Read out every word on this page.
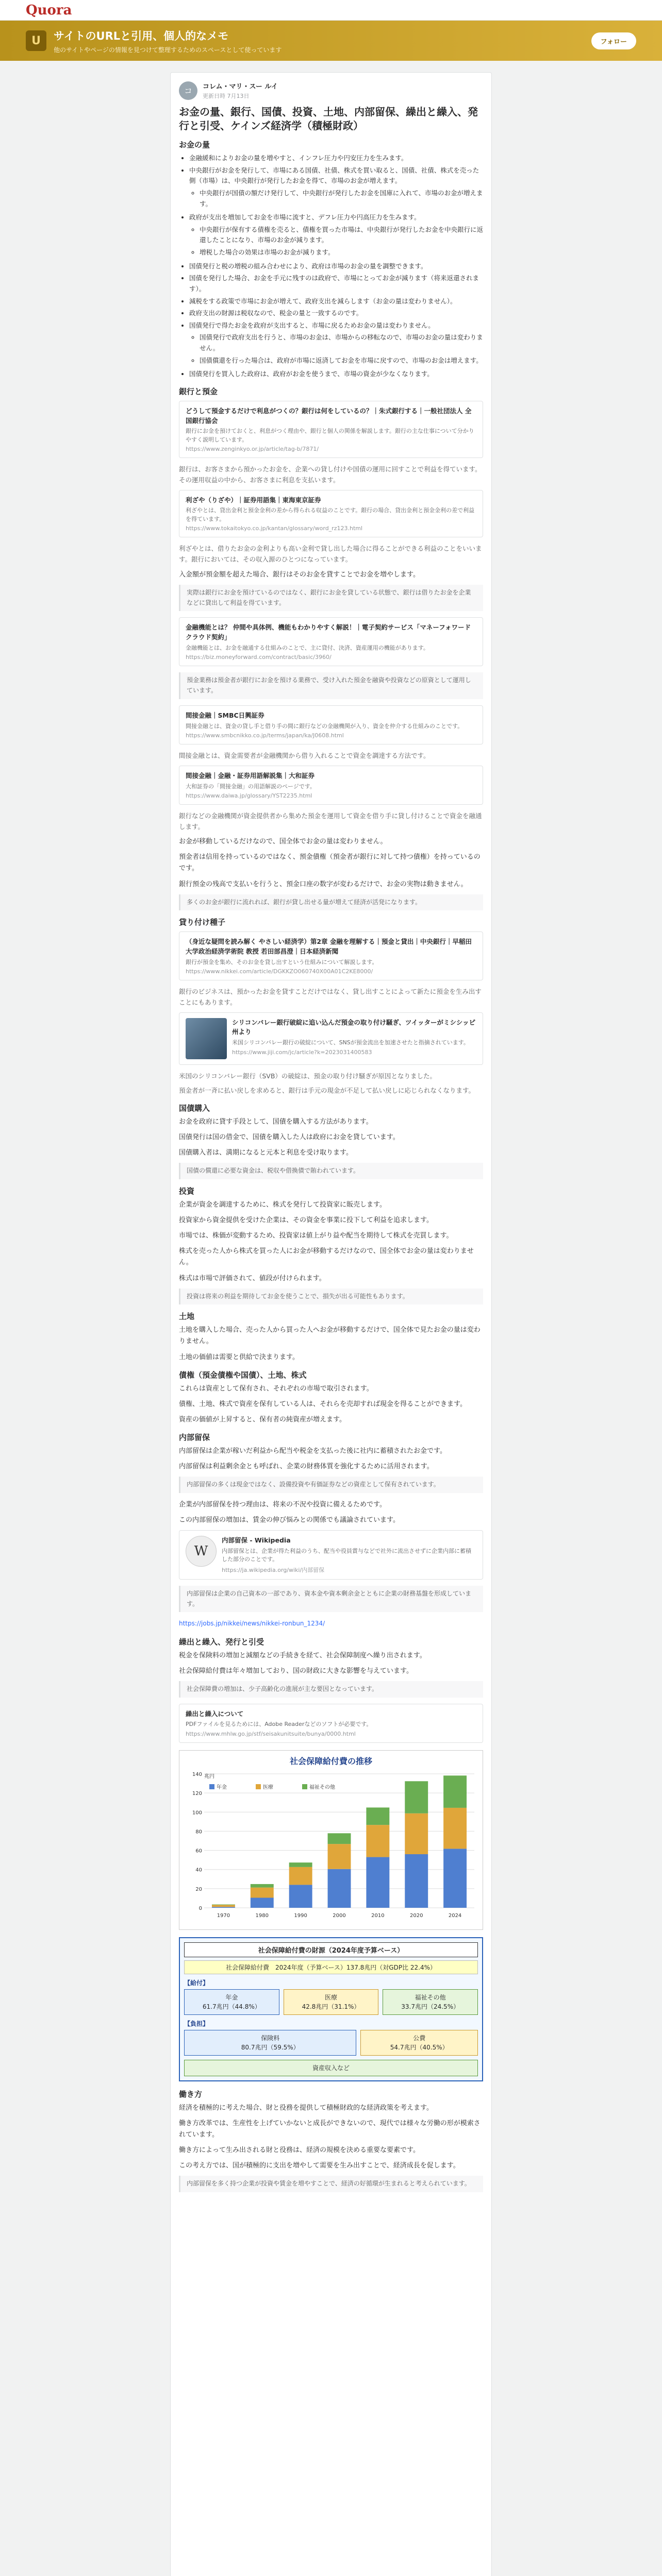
Quora
U	サイトのURLと引用、個人的なメモ
他のサイトやページの情報を見つけて整理するためのスペースとして使っています
フォロー
コ	コレム・マリ・スー ルイ
更新日時 7月13日
お金の量、銀行、国債、投資、土地、内部留保、繰出と繰入、発行と引受、ケインズ経済学（積極財政）
お金の量
• 金融緩和によりお金の量を増やすと、インフレ圧力や円安圧力を生みます。
• 中央銀行がお金を発行して、市場にある国債、社債、株式を買い取ると、国債、社債、株式を売った側（市場）は、中央銀行が発行したお金を得て、市場のお金が増えます。
◦ 中央銀行が国債の額だけ発行して、中央銀行が発行したお金を国庫に入れて、市場のお金が増えます。
• 政府が支出を増加してお金を市場に流すと、デフレ圧力や円高圧力を生みます。
◦ 中央銀行が保有する債権を売ると、債権を買った市場は、中央銀行が発行したお金を中央銀行に返還したことになり、市場のお金が減ります。
◦ 増税した場合の効果は市場のお金が減ります。
• 国債発行と税の増税の組み合わせにより、政府は市場のお金の量を調整できます。
• 国債を発行した場合、お金を手元に残すのは政府で、市場にとってお金が減ります（将来返還されます）。
• 減税をする政策で市場にお金が増えて、政府支出を減らします（お金の量は変わりません）。
• 政府支出の財源は税収なので、税金の量と一致するのです。
• 国債発行で得たお金を政府が支出すると、市場に戻るためお金の量は変わりません。
◦ 国債発行で政府支出を行うと、市場のお金は、市場からの移転なので、市場のお金の量は変わりません。
◦ 国債償還を行った場合は、政府が市場に返済してお金を市場に戻すので、市場のお金は増えます。
• 国債発行を買入した政府は、政府がお金を使うまで、市場の資金が少なくなります。
銀行と預金
どうして預金するだけで利息がつくの？銀行は何をしているの？｜朱式銀行する｜一般社団法人 全国銀行協会
銀行にお金を預けておくと、利息がつく理由や、銀行と個人の関係を解説します。銀行の主な仕事について分かりやすく説明しています。
https://www.zenginkyo.or.jp/article/tag-b/7871/

銀行は、お客さまから預かったお金を、企業への貸し付けや国債の運用に回すことで利益を得ています。その運用収益の中から、お客さまに利息を支払います。

利ざや（りざや）｜証券用語集｜東海東京証券
利ざやとは、貸出金利と預金金利の差から得られる収益のことです。銀行の場合、貸出金利と預金金利の差で利益を得ています。
https://www.tokaitokyo.co.jp/kantan/glossary/word_rz123.html

利ざやとは、借りたお金の金利よりも高い金利で貸し出した場合に得ることができる利益のことをいいます。銀行においては、その収入源のひとつになっています。

入金額が預金額を超えた場合、銀行はそのお金を貸すことでお金を増やします。

実際は銀行にお金を預けているのではなく、銀行にお金を貸している状態で、銀行は借りたお金を企業などに貸出して利益を得ています。
金融機能とは？ 仲間や具体例、機能もわかりやすく解説！｜電子契約サービス「マネーフォワード クラウド契約」
金融機能とは、お金を融通する仕組みのことで、主に貸付、決済、資産運用の機能があります。
https://biz.moneyforward.com/contract/basic/3960/
預金業務は預金者が銀行にお金を預ける業務で、受け入れた預金を融資や投資などの原資として運用しています。
間接金融｜SMBC日興証券
間接金融とは、資金の貸し手と借り手の間に銀行などの金融機関が入り、資金を仲介する仕組みのことです。
https://www.smbcnikko.co.jp/terms/japan/ka/J0608.html

間接金融とは、資金需要者が金融機関から借り入れることで資金を調達する方法です。

間接金融｜金融・証券用語解説集｜大和証券
大和証券の「間接金融」の用語解説のページです。
https://www.daiwa.jp/glossary/YST2235.html

銀行などの金融機関が資金提供者から集めた預金を運用して資金を借り手に貸し付けることで資金を融通します。

お金が移動しているだけなので、国全体でお金の量は変わりません。

預金者は信用を持っているのではなく、預金債権（預金者が銀行に対して持つ債権）を持っているのです。

銀行預金の残高で支払いを行うと、預金口座の数字が変わるだけで、お金の実物は動きません。

多くのお金が銀行に流れれば、銀行が貸し出せる量が増えて経済が活発になります。
貸り付け種子
（身近な疑問を読み解く やさしい経済学）第2章 金融を理解する｜預金と貸出｜中央銀行｜早稲田大学政治経済学術院 教授 若田部昌澄｜日本経済新聞
銀行が預金を集め、そのお金を貸し出すという仕組みについて解説します。
https://www.nikkei.com/article/DGKKZO060740X00A01C2KE8000/

銀行のビジネスは、預かったお金を貸すことだけではなく、貸し出すことによって新たに預金を生み出すことにもあります。

シリコンバレー銀行破綻に追い込んだ預金の取り付け騒ぎ、ツイッターがミシシッピ州より
米国シリコンバレー銀行の破綻について、SNSが預金流出を加速させたと指摘されています。
https://www.jiji.com/jc/article?k=2023031400583

米国のシリコンバレー銀行（SVB）の破綻は、預金の取り付け騒ぎが原因となりました。

預金者が一斉に払い戻しを求めると、銀行は手元の現金が不足して払い戻しに応じられなくなります。

国債購入

お金を政府に貸す手段として、国債を購入する方法があります。

国債発行は国の借金で、国債を購入した人は政府にお金を貸しています。

国債購入者は、満期になると元本と利息を受け取ります。

国債の償還に必要な資金は、税収や借換債で賄われています。
投資

企業が資金を調達するために、株式を発行して投資家に販売します。

投資家から資金提供を受けた企業は、その資金を事業に投下して利益を追求します。

市場では、株価が変動するため、投資家は値上がり益や配当を期待して株式を売買します。

株式を売った人から株式を買った人にお金が移動するだけなので、国全体でお金の量は変わりません。

株式は市場で評価されて、値段が付けられます。

投資は将来の利益を期待してお金を使うことで、損失が出る可能性もあります。
土地

土地を購入した場合、売った人から買った人へお金が移動するだけで、国全体で見たお金の量は変わりません。

土地の価値は需要と供給で決まります。

債権（預金債権や国債）、土地、株式

これらは資産として保有され、それぞれの市場で取引されます。

債権、土地、株式で資産を保有している人は、それらを売却すれば現金を得ることができます。

資産の価値が上昇すると、保有者の純資産が増えます。

内部留保

内部留保は企業が稼いだ利益から配当や税金を支払った後に社内に蓄積されたお金です。

内部留保は利益剰余金とも呼ばれ、企業の財務体質を強化するために活用されます。

内部留保の多くは現金ではなく、設備投資や有価証券などの資産として保有されています。

企業が内部留保を持つ理由は、将来の不況や投資に備えるためです。

この内部留保の増加は、賃金の伸び悩みとの関係でも議論されています。

W
内部留保 - Wikipedia
内部留保とは、企業が得た利益のうち、配当や役員賞与などで社外に流出させずに企業内部に蓄積した部分のことです。
https://ja.wikipedia.org/wiki/内部留保
内部留保は企業の自己資本の一部であり、資本金や資本剰余金とともに企業の財務基盤を形成しています。

https://jobs.jp/nikkei/news/nikkei-ronbun_1234/

繰出と繰入、発行と引受

税金を保険料の増加と減額などの手続きを経て、社会保障制度へ繰り出されます。

社会保障給付費は年々増加しており、国の財政に大きな影響を与えています。

社会保障費の増加は、少子高齢化の進展が主な要因となっています。
繰出と繰入について
PDFファイルを見るためには、Adobe Readerなどのソフトが必要です。
https://www.mhlw.go.jp/stf/seisakunitsuite/bunya/0000.html
社会保障給付費の推移
0
20
40
60
80
100
120
140 兆円
1970	1980	1990	2000	2010	2020	2024
年金	医療	福祉その他
社会保障給付費の財源（2024年度予算ベース）
社会保障給付費　2024年度（予算ベース）137.8兆円（対GDP比 22.4%）
【給付】
年金
61.7兆円（44.8%）
医療
42.8兆円（31.1%）
福祉その他
33.7兆円（24.5%）
【負担】
保険料
80.7兆円（59.5%）
公費
54.7兆円（40.5%）
資産収入など
働き方

経済を積極的に考えた場合、財と役務を提供して積極財政的な経済政策を考えます。

働き方改革では、生産性を上げていかないと成長ができないので、現代では様々な労働の形が模索されています。

働き方によって生み出される財と役務は、経済の規模を決める重要な要素です。

この考え方では、国が積極的に支出を増やして需要を生み出すことで、経済成長を促します。

内部留保を多く持つ企業が投資や賃金を増やすことで、経済の好循環が生まれると考えられています。
